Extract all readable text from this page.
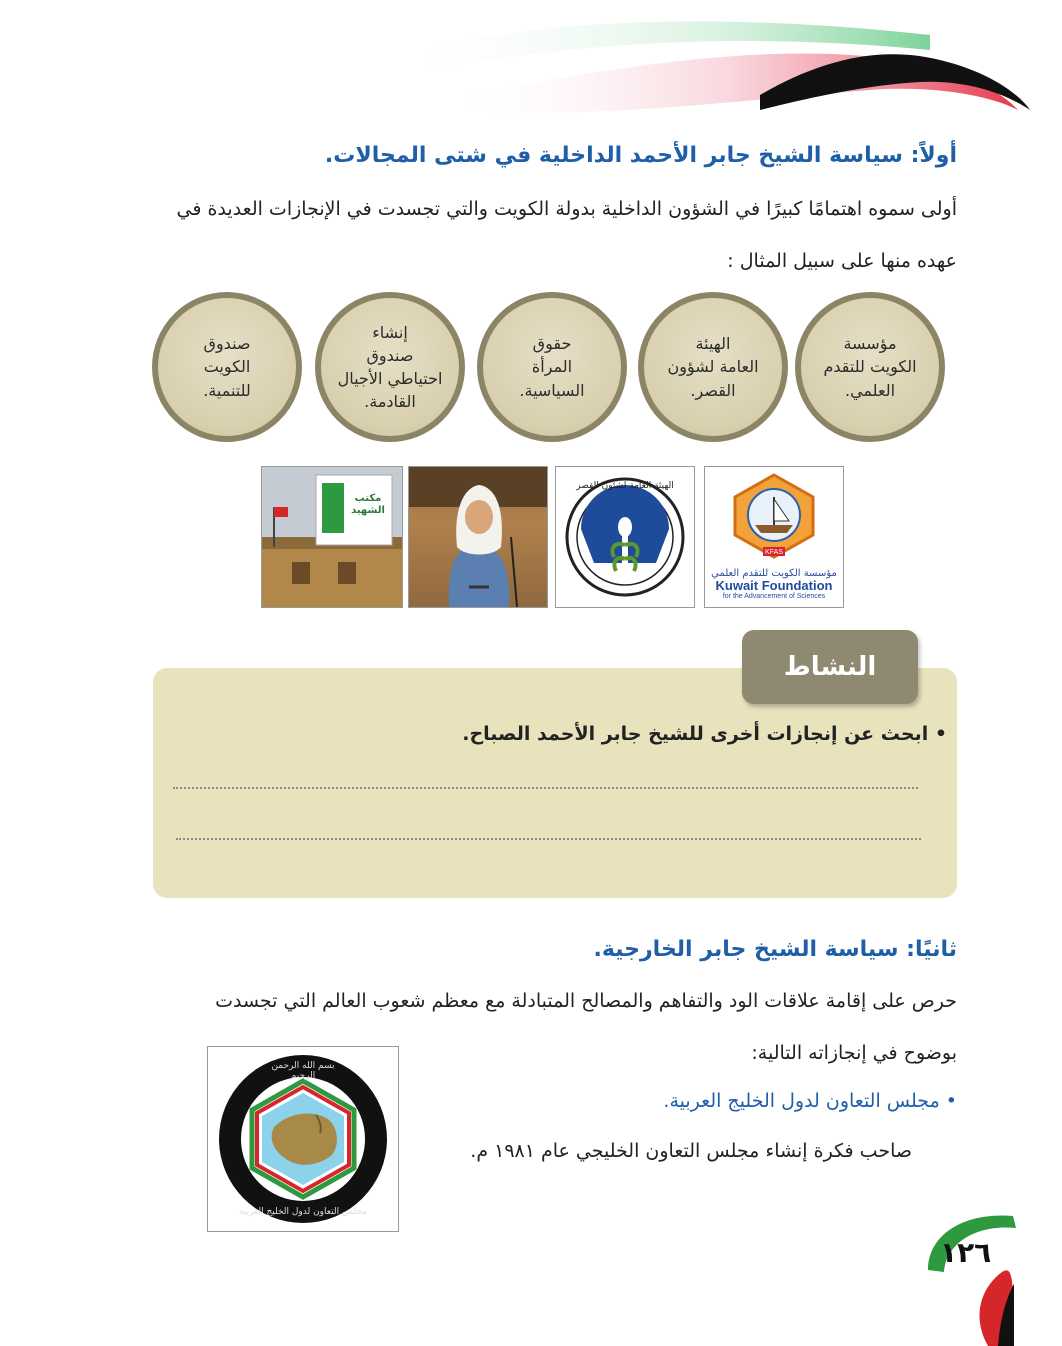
أولاً: سياسة الشيخ جابر الأحمد الداخلية في شتى المجالات.
أولى سموه اهتمامًا كبيرًا في الشؤون الداخلية بدولة الكويت والتي تجسدت في الإنجازات العديدة في
عهده منها على سبيل المثال :
مؤسسة
الكويت للتقدم
العلمي.
الهيئة
العامة لشؤون
القصر.
حقوق
المرأة
السياسية.
إنشاء
صندوق
احتياطي الأجيال
القادمة.
صندوق
الكويت
للتنمية.
KFAS
مؤسسة الكويت للتقدم العلمي
Kuwait Foundation
for the Advancement of Sciences
الهيئة العامة لشئون القصر
مكتب الشهيد
النشاط
• ابحث عن إنجازات أخرى للشيخ جابر الأحمد الصباح.
ثانيًا: سياسة الشيخ جابر الخارجية.
حرص على إقامة علاقات الود والتفاهم والمصالح المتبادلة مع معظم شعوب العالم التي تجسدت
بوضوح في إنجازاته التالية:
• مجلس التعاون لدول الخليج العربية.
صاحب فكرة إنشاء مجلس التعاون الخليجي عام ١٩٨١ م.
بسم الله الرحمن الرحيم
مجلس التعاون لدول الخليج العربية
١٢٦
